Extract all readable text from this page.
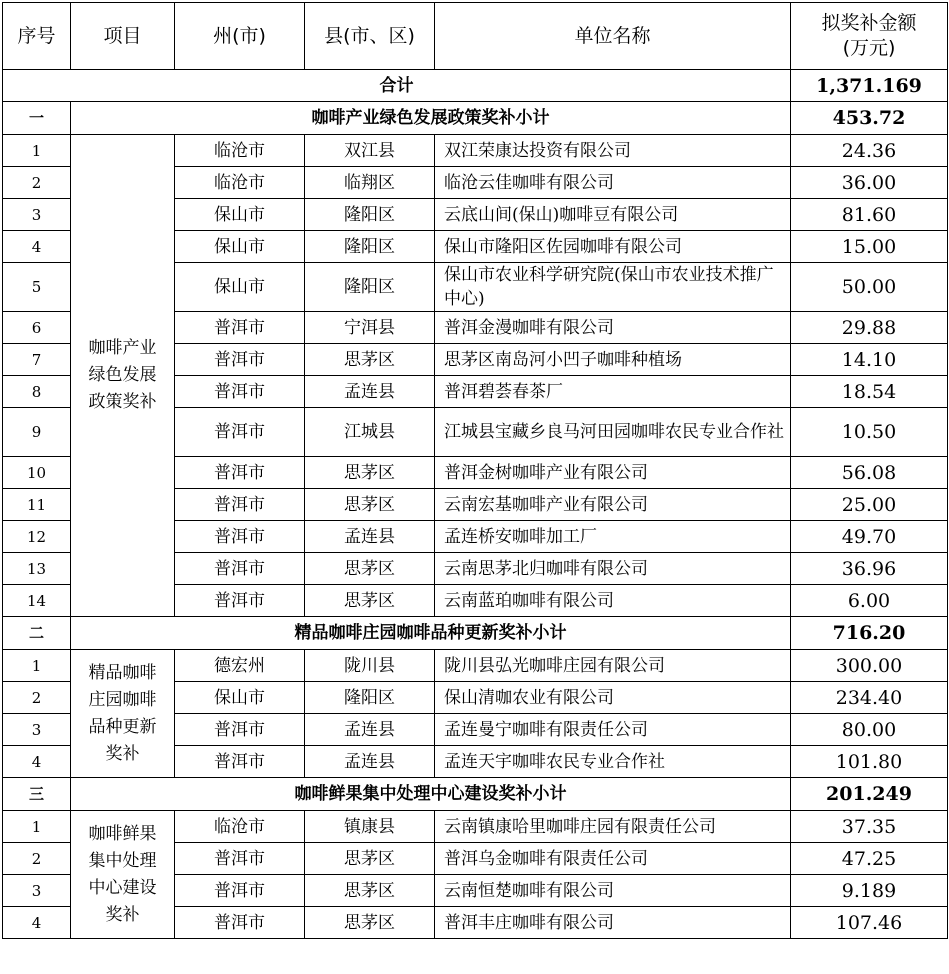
序号	项目	州(市)	县(市、区)	单位名称	拟奖补金额
(万元)
合计					1,371.169
一	咖啡产业绿色发展政策奖补小计				453.72
1	咖啡产业绿色发展政策奖补	临沧市	双江县	双江荣康达投资有限公司	24.36
2		临沧市	临翔区	临沧云佳咖啡有限公司	36.00
3		保山市	隆阳区	云底山间(保山)咖啡豆有限公司	81.60
4		保山市	隆阳区	保山市隆阳区佐园咖啡有限公司	15.00
5		保山市	隆阳区	保山市农业科学研究院(保山市农业技术推广中心)	50.00
6		普洱市	宁洱县	普洱金漫咖啡有限公司	29.88
7		普洱市	思茅区	思茅区南岛河小凹子咖啡种植场	14.10
8		普洱市	孟连县	普洱碧荟春茶厂	18.54
9		普洱市	江城县	江城县宝藏乡良马河田园咖啡农民专业合作社	10.50
10		普洱市	思茅区	普洱金树咖啡产业有限公司	56.08
11		普洱市	思茅区	云南宏基咖啡产业有限公司	25.00
12		普洱市	孟连县	孟连桥安咖啡加工厂	49.70
13		普洱市	思茅区	云南思茅北归咖啡有限公司	36.96
14		普洱市	思茅区	云南蓝珀咖啡有限公司	6.00
二	精品咖啡庄园咖啡品种更新奖补小计				716.20
1	精品咖啡庄园咖啡品种更新奖补	德宏州	陇川县	陇川县弘光咖啡庄园有限公司	300.00
2		保山市	隆阳区	保山清咖农业有限公司	234.40
3		普洱市	孟连县	孟连曼宁咖啡有限责任公司	80.00
4		普洱市	孟连县	孟连天宇咖啡农民专业合作社	101.80
三	咖啡鲜果集中处理中心建设奖补小计				201.249
1	咖啡鲜果集中处理中心建设奖补	临沧市	镇康县	云南镇康哈里咖啡庄园有限责任公司	37.35
2		普洱市	思茅区	普洱乌金咖啡有限责任公司	47.25
3		普洱市	思茅区	云南恒楚咖啡有限公司	9.189
4		普洱市	思茅区	普洱丰庄咖啡有限公司	107.46
